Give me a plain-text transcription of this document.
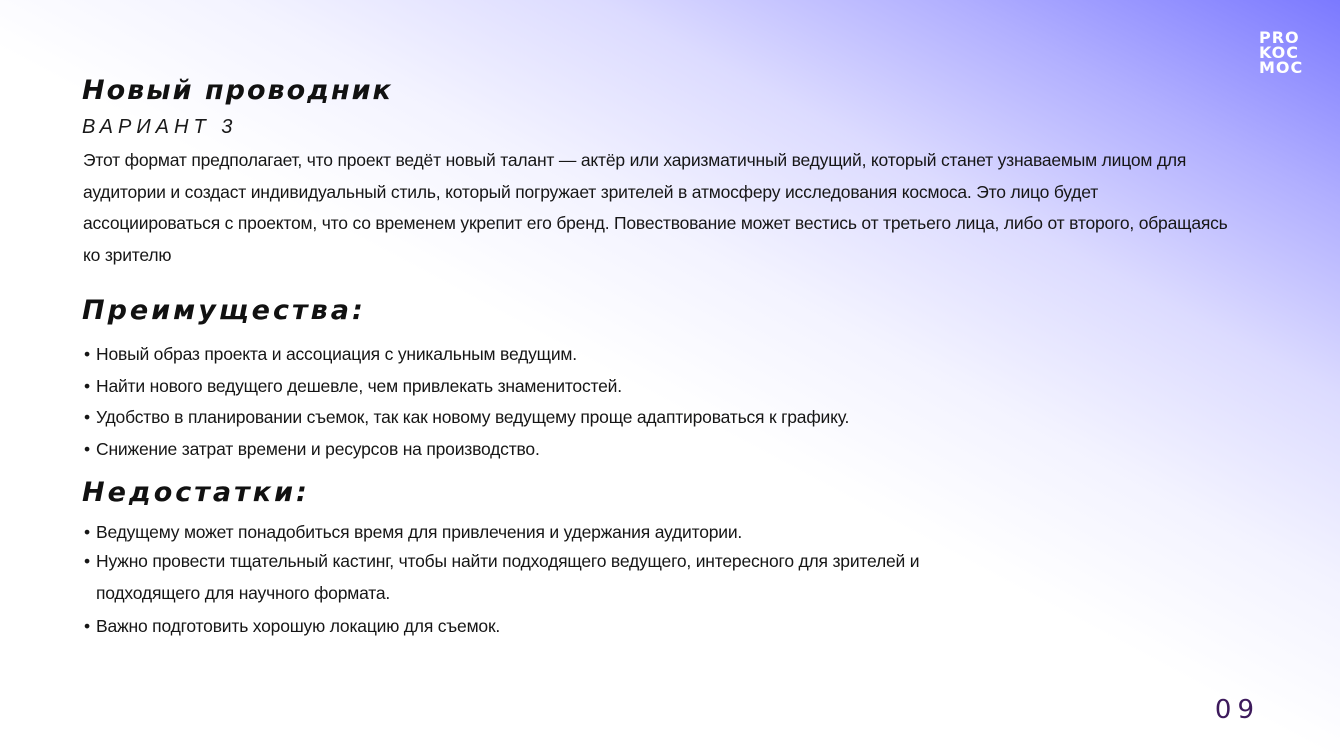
PRO
KOC
MOC
Новый проводник
ВАРИАНТ 3

Этот формат предполагает, что проект ведёт новый талант — актёр или харизматичный ведущий, который станет узнаваемым лицом для аудитории и создаст индивидуальный стиль, который погружает зрителей в атмосферу исследования космоса. Это лицо будет ассоциироваться с проектом, что со временем укрепит его бренд. Повествование может вестись от третьего лица, либо от второго, обращаясь ко зрителю

Преимущества:
• Новый образ проекта и ассоциация с уникальным ведущим.
• Найти нового ведущего дешевле, чем привлекать знаменитостей.
• Удобство в планировании съемок, так как новому ведущему проще адаптироваться к графику.
• Снижение затрат времени и ресурсов на производство.
Недостатки:
• Ведущему может понадобиться время для привлечения и удержания аудитории.
• Нужно провести тщательный кастинг, чтобы найти подходящего ведущего, интересного для зрителей и подходящего для научного формата.
• Важно подготовить хорошую локацию для съемок.
09
